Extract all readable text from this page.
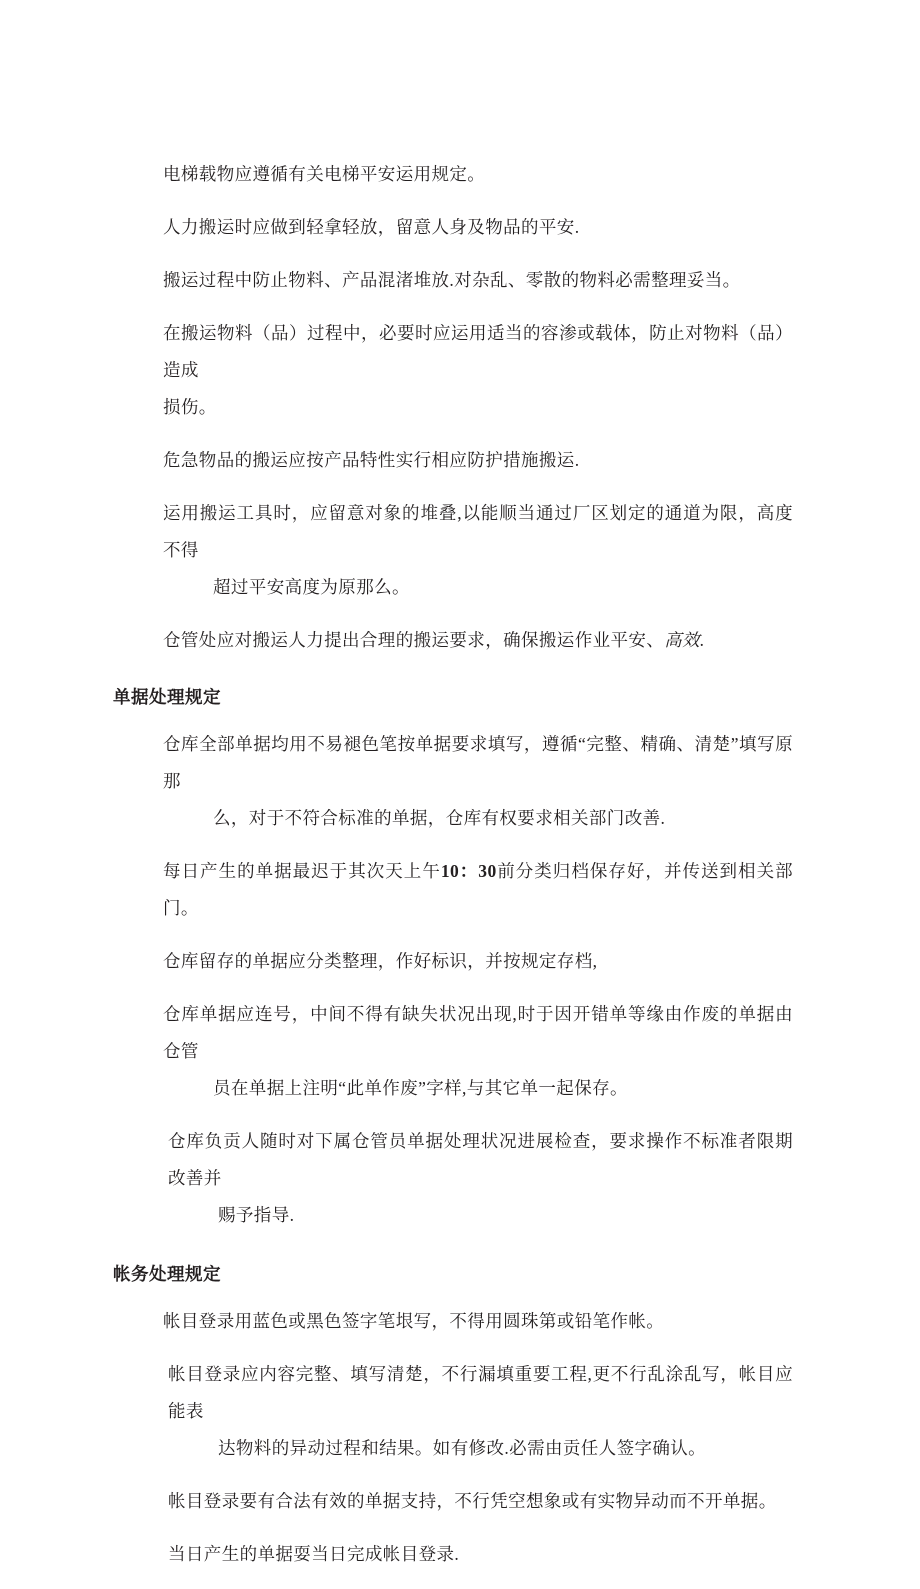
电梯载物应遵循有关电梯平安运用规定。

人力搬运时应做到轻拿轻放，留意人身及物品的平安.

搬运过程中防止物料、产品混渚堆放.对杂乱、零散的物料必需整理妥当。

在搬运物料（品）过程中，必要时应运用适当的容渗或载体，防止对物料（品）造成
损伤。

危急物品的搬运应按产品特性实行相应防护措施搬运.

运用搬运工具时，应留意对象的堆叠,以能顺当通过厂区划定的通道为限，高度不得
超过平安高度为原那么。

仓管处应对搬运人力提出合理的搬运要求，确保搬运作业平安、高效.

单据处理规定

仓库全部单据均用不易褪色笔按单据要求填写，遵循“完整、精确、清楚”填写原那
么，对于不符合标准的单据，仓库有权要求相关部门改善.

每日产生的单据最迟于其次天上午10：30前分类归档保存好，并传送到相关部门。

仓库留存的单据应分类整理，作好标识，并按规定存档,

仓库单据应连号，中间不得有缺失状况出现,时于因开错单等缘由作废的单据由仓管
员在单据上注明“此单作废”字样,与其它单一起保存。

仓库负贡人随时对下属仓管员单据处理状况进展检查，要求操作不标准者限期改善并
赐予指导.

帐务处理规定

帐目登录用蓝色或黑色签字笔垠写，不得用圆珠第或铅笔作帐。

帐目登录应内容完整、填写清楚，不行漏填重要工程,更不行乱涂乱写，帐目应能表
达物料的异动过程和结果。如有修改.必需由贡任人签字确认。

帐目登录要有合法有效的单据支持，不行凭空想象或有实物异动而不开单据。

当日产生的单据耍当日完成帐目登录.
